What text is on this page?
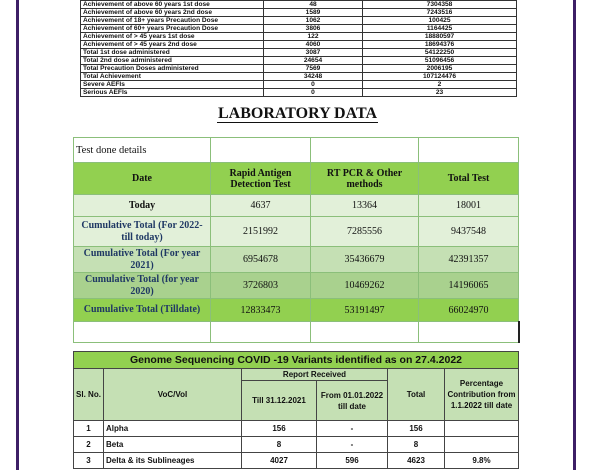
Achievement of above 60 years 1st dose	48	7304358
Achievement of above 60 years 2nd dose	1589	7243516
Achievement of 18+ years Precaution Dose	1062	100425
Achievement of 60+ years Precaution Dose	3806	1164425
Achievement of > 45 years 1st dose	122	18880597
Achievement of > 45 years 2nd dose	4060	18694376
Total 1st dose administered	3087	54122250
Total 2nd dose administered	24654	51096456
Total Precaution Doses administered	7569	2006195
Total Achievement	34248	107124476
Severe AEFIs	0	2
Serious AEFIs	0	23
LABORATORY DATA
Test done details			
Date	Rapid Antigen Detection Test	RT PCR & Other methods	Total Test
Today	4637	13364	18001
Cumulative Total (For 2022- till today)	2151992	7285556	9437548
Cumulative Total (For year 2021)	6954678	35436679	42391357
Cumulative Total (for year 2020)	3726803	10469262	14196065
Cumulative Total (Tilldate)	12833473	53191497	66024970

Genome Sequencing COVID -19 Variants identified as on 27.4.2022					
Sl. No.	VoC/VoI	Report Received		Total	Percentage Contribution from 1.1.2022 till date
		Till 31.12.2021	From 01.01.2022 till date		
1	Alpha	156	-	156	
2	Beta	8	-	8	
3	Delta & its Sublineages	4027	596	4623	9.8%
